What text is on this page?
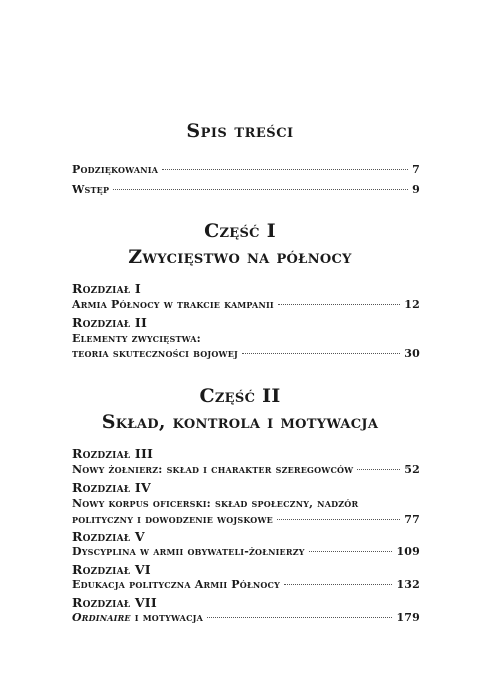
Spis treści
Podziękowania	7
Wstęp	9
Część I
Zwycięstwo na północy
Rozdział I
Armia Północy w trakcie kampanii	12
Rozdział II
Elementy zwycięstwa:
teoria skuteczności bojowej	30
Część II
Skład, kontrola i motywacja
Rozdział III
Nowy żołnierz: skład i charakter szeregowców	52
Rozdział IV
Nowy korpus oficerski: skład społeczny, nadzór
polityczny i dowodzenie wojskowe	77
Rozdział V
Dyscyplina w armii obywateli-żołnierzy	109
Rozdział VI
Edukacja polityczna Armii Północy	132
Rozdział VII
Ordinaire i motywacja	179
